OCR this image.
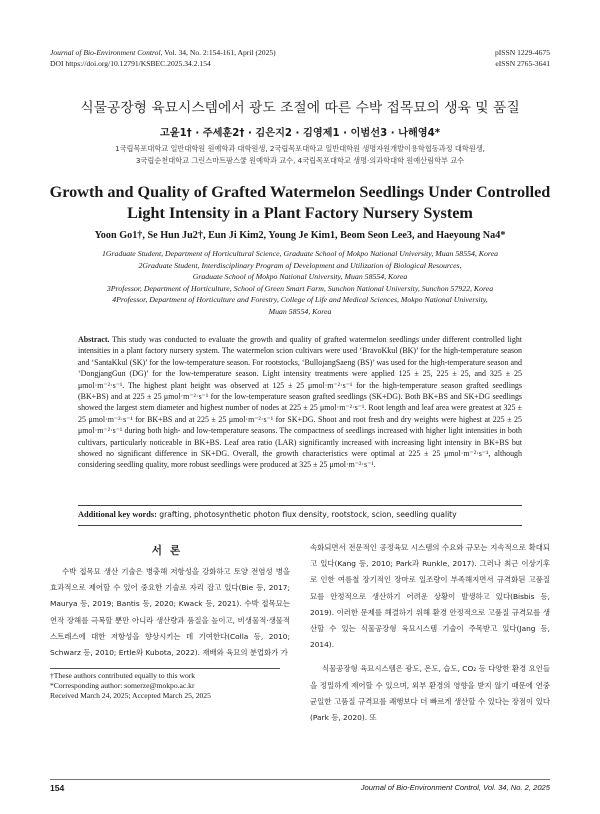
Journal of Bio-Environment Control, Vol. 34, No. 2:154-161, April (2025)
DOI https://doi.org/10.12791/KSBEC.2025.34.2.154
pISSN 1229-4675
eISSN 2765-3641
식물공장형 육묘시스템에서 광도 조절에 따른 수박 접목묘의 생육 및 품질
고윤1† · 주세훈2† · 김은지2 · 김영제1 · 이범선3 · 나해영4*
1국립목포대학교 일반대학원 원예학과 대학원생, 2국립목포대학교 일반대학원 생명자원개발이용학협동과정 대학원생,
3국립순천대학교 그린스마트팜스쿨 원예학과 교수, 4국립목포대학교 생명·의과학대학 원예산림학부 교수
Growth and Quality of Grafted Watermelon Seedlings Under Controlled
Light Intensity in a Plant Factory Nursery System
Yoon Go1†, Se Hun Ju2†, Eun Ji Kim2, Young Je Kim1, Beom Seon Lee3, and Haeyoung Na4*
1Graduate Student, Department of Horticultural Science, Graduate School of Mokpo National University, Muan 58554, Korea
2Graduate Student, Interdisciplinary Program of Development and Utilization of Biological Resources,
Graduate School of Mokpo National University, Muan 58554, Korea
3Professor, Department of Horticulture, School of Green Smart Farm, Sunchon National University, Sunchon 57922, Korea
4Professor, Department of Horticulture and Forestry, College of Life and Medical Sciences, Mokpo National University,
Muan 58554, Korea
Abstract. This study was conducted to evaluate the growth and quality of grafted watermelon seedlings under different controlled light intensities in a plant factory nursery system. The watermelon scion cultivars were used ‘BravoKkul (BK)’ for the high-temperature season and ‘SantaKkul (SK)’ for the low-temperature season. For rootstocks, ‘BullojangSaeng (BS)’ was used for the high-temperature season and ‘DongjangGun (DG)’ for the low-temperature season. Light intensity treatments were applied 125 ± 25, 225 ± 25, and 325 ± 25 μmol·m⁻²·s⁻¹. The highest plant height was observed at 125 ± 25 μmol·m⁻²·s⁻¹ for the high-temperature season grafted seedlings (BK+BS) and at 225 ± 25 μmol·m⁻²·s⁻¹ for the low-temperature season grafted seedlings (SK+DG). Both BK+BS and SK+DG seedlings showed the largest stem diameter and highest number of nodes at 225 ± 25 μmol·m⁻²·s⁻¹. Root length and leaf area were greatest at 325 ± 25 μmol·m⁻²·s⁻¹ for BK+BS and at 225 ± 25 μmol·m⁻²·s⁻¹ for SK+DG. Shoot and root fresh and dry weights were highest at 225 ± 25 μmol·m⁻²·s⁻¹ during both high- and low-temperature seasons. The compactness of seedlings increased with higher light intensities in both cultivars, particularly noticeable in BK+BS. Leaf area ratio (LAR) significantly increased with increasing light intensity in BK+BS but showed no significant difference in SK+DG. Overall, the growth characteristics were optimal at 225 ± 25 μmol·m⁻²·s⁻¹, although considering seedling quality, more robust seedlings were produced at 325 ± 25 μmol·m⁻²·s⁻¹.
Additional key words: grafting, photosynthetic photon flux density, rootstock, scion, seedling quality
서론

수박 접목묘 생산 기술은 병충해 저항성을 강화하고 토양 전염성 병을 효과적으로 제어할 수 있어 중요한 기술로 자리 잡고 있다(Bie 등, 2017; Maurya 등, 2019; Bantis 등, 2020; Kwack 등, 2021). 수박 접목묘는 연작 장해를 극복할 뿐만 아니라 생산량과 품질을 높이고, 비생물적·생물적 스트레스에 대한 저항성을 향상시키는 데 기여한다(Colla 등, 2010; Schwarz 등, 2010; Ertle와 Kubota, 2022). 재배와 육묘의 분업화가 가

속화되면서 전문적인 공정육묘 시스템의 수요와 규모는 지속적으로 확대되고 있다(Kang 등, 2010; Park과 Runkle, 2017). 그러나 최근 이상기후로 인한 여름철 장기적인 장마로 일조량이 부족해지면서 규격화된 고품질 묘를 안정적으로 생산하기 어려운 상황이 발생하고 있다(Bisbis 등, 2019). 이러한 문제를 해결하기 위해 환경 안정적으로 고품질 규격묘를 생산할 수 있는 식물공장형 육묘시스템 기술이 주목받고 있다(Jang 등, 2014).

식물공장형 육묘시스템은 광도, 온도, 습도, CO₂ 등 다양한 환경 요인들을 정밀하게 제어할 수 있으며, 외부 환경의 영향을 받지 않기 때문에 연중 균일한 고품질 규격묘를 쾌행보다 더 빠르게 생산할 수 있다는 장점이 있다(Park 등, 2020). 또

†These authors contributed equally to this work
*Corresponding author: somerze@mokpo.ac.kr
Received March 24, 2025; Accepted March 25, 2025
154	Journal of Bio-Environment Control, Vol. 34, No. 2, 2025
